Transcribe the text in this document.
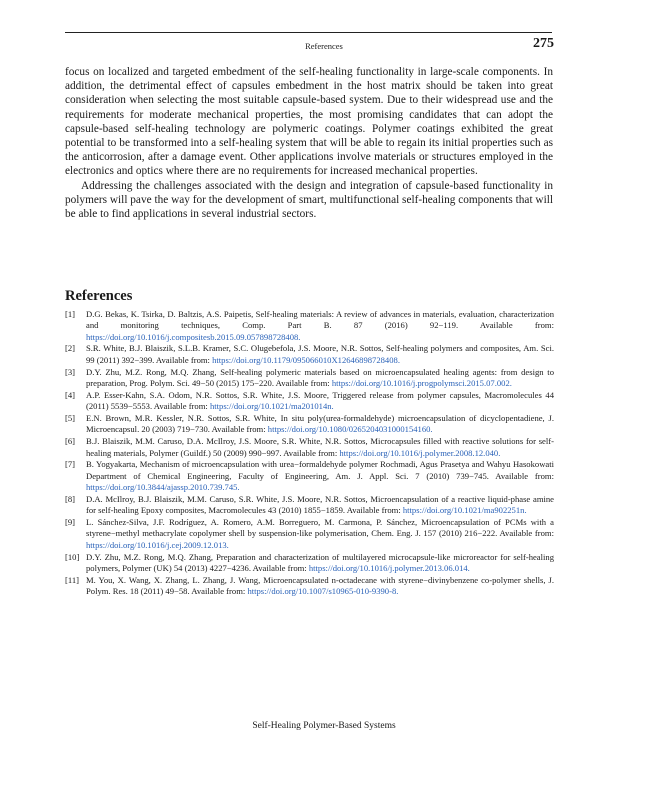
References	275

focus on localized and targeted embedment of the self-healing functionality in large-scale components. In addition, the detrimental effect of capsules embedment in the host matrix should be taken into great consideration when selecting the most suitable capsule-based system. Due to their widespread use and the requirements for moderate mechanical properties, the most promising candidates that can adopt the capsule-based self-healing technology are polymeric coatings. Polymer coatings exhibited the great potential to be transformed into a self-healing system that will be able to regain its initial properties such as the anticorrosion, after a damage event. Other applications involve materials or structures employed in the electronics and optics where there are no requirements for increased mechanical properties.

Addressing the challenges associated with the design and integration of capsule-based functionality in polymers will pave the way for the development of smart, multifunctional self-healing components that will be able to find applications in several industrial sectors.

References
[1]	D.G. Bekas, K. Tsirka, D. Baltzis, A.S. Paipetis, Self-healing materials: A review of advances in materials, evaluation, characterization and monitoring techniques, Comp. Part B. 87 (2016) 92−119. Available from: https://doi.org/10.1016/j.compositesb.2015.09.057898728408.
[2]	S.R. White, B.J. Blaiszik, S.L.B. Kramer, S.C. Olugebefola, J.S. Moore, N.R. Sottos, Self-healing polymers and composites, Am. Sci. 99 (2011) 392−399. Available from: https://doi.org/10.1179/095066010X12646898728408.
[3]	D.Y. Zhu, M.Z. Rong, M.Q. Zhang, Self-healing polymeric materials based on microencapsulated healing agents: from design to preparation, Prog. Polym. Sci. 49−50 (2015) 175−220. Available from: https://doi.org/10.1016/j.progpolymsci.2015.07.002.
[4]	A.P. Esser-Kahn, S.A. Odom, N.R. Sottos, S.R. White, J.S. Moore, Triggered release from polymer capsules, Macromolecules 44 (2011) 5539−5553. Available from: https://doi.org/10.1021/ma201014n.
[5]	E.N. Brown, M.R. Kessler, N.R. Sottos, S.R. White, In situ poly(urea-formaldehyde) microencapsulation of dicyclopentadiene, J. Microencapsul. 20 (2003) 719−730. Available from: https://doi.org/10.1080/0265204031000154160.
[6]	B.J. Blaiszik, M.M. Caruso, D.A. McIlroy, J.S. Moore, S.R. White, N.R. Sottos, Microcapsules filled with reactive solutions for self-healing materials, Polymer (Guildf.) 50 (2009) 990−997. Available from: https://doi.org/10.1016/j.polymer.2008.12.040.
[7]	B. Yogyakarta, Mechanism of microencapsulation with urea−formaldehyde polymer Rochmadi, Agus Prasetya and Wahyu Hasokowati Department of Chemical Engineering, Faculty of Engineering, Am. J. Appl. Sci. 7 (2010) 739−745. Available from: https://doi.org/10.3844/ajassp.2010.739.745.
[8]	D.A. McIlroy, B.J. Blaiszik, M.M. Caruso, S.R. White, J.S. Moore, N.R. Sottos, Microencapsulation of a reactive liquid-phase amine for self-healing Epoxy composites, Macromolecules 43 (2010) 1855−1859. Available from: https://doi.org/10.1021/ma902251n.
[9]	L. Sánchez-Silva, J.F. Rodríguez, A. Romero, A.M. Borreguero, M. Carmona, P. Sánchez, Microencapsulation of PCMs with a styrene−methyl methacrylate copolymer shell by suspension-like polymerisation, Chem. Eng. J. 157 (2010) 216−222. Available from: https://doi.org/10.1016/j.cej.2009.12.013.
[10] D.Y. Zhu, M.Z. Rong, M.Q. Zhang, Preparation and characterization of multilayered microcapsule-like microreactor for self-healing polymers, Polymer (UK) 54 (2013) 4227−4236. Available from: https://doi.org/10.1016/j.polymer.2013.06.014.
[11] M. You, X. Wang, X. Zhang, L. Zhang, J. Wang, Microencapsulated n-octadecane with styrene−divinybenzene co-polymer shells, J. Polym. Res. 18 (2011) 49−58. Available from: https://doi.org/10.1007/s10965-010-9390-8.
Self-Healing Polymer-Based Systems
